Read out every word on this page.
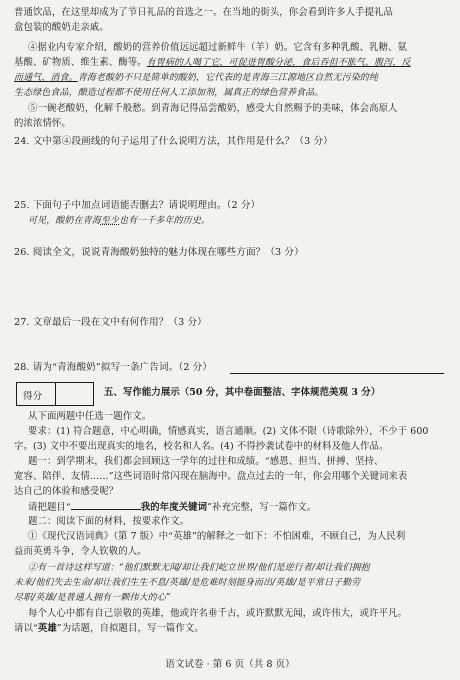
普通饮品，在这里却成为了节日礼品的首选之一。在当地的街头，你会看到许多人手提礼品

盒包装的酸奶走亲戚。

④据业内专家介绍，酸奶的营养价值远远超过新鲜牛（羊）奶。它含有多种乳酸、乳糖、氨

基酸、矿物质、维生素、酶等。有胃病的人喝了它，可促进胃酸分泌，食后吞但不胀气、腹泻，反

而通气、消食。青海老酸奶不只是简单的酸奶，它代表的是青海三江源地区自然无污染的纯

生态绿色食品，酿造过程都不使用任何人工添加剂，属真正的绿色营养食品。

⑤一碗老酸奶，化解千般愁。到青海记得品尝酸奶，感受大自然赐予的美味，体会高原人

的浓浓情怀。

24. 文中第④段画线的句子运用了什么说明方法，其作用是什么？（3 分）

25. 下面句子中加点词语能否删去？请说明理由。（2 分）

可见，酸奶在青海至少也有一千多年的历史。

26. 阅读全文，说说青海酸奶独特的魅力体现在哪些方面？（3 分）

27. 文章最后一段在文中有何作用？（3 分）

28. 请为“青海酸奶”拟写一条广告词。（2 分）

得分	五、写作能力展示（50 分，其中卷面整洁、字体规范美观 3 分）

从下面两题中任选一题作文。

要求：(1) 符合题意，中心明确，情感真实，语言通顺。(2) 文体不限（诗歌除外），不少于 600

字。(3) 文中不要出现真实的地名，校名和人名。(4) 不得抄袭试卷中的材料及他人作品。

题一：到学期末，我们都会回顾这一学年的过往和成绩。“感恩、担当、拼搏、坚持、

宽容、陪伴、友情……”这些词语时常闪现在脑海中。盘点过去的一年，你会用哪个关键词来表

达自己的体验和感受呢？

请把题目“	我的年度关键词”补充完整，写一篇作文。

题二：阅读下面的材料，按要求作文。

①《现代汉语词典》（第 7 版）中“英雄”的解释之一如下：不怕困难，不顾自己，为人民利

益而英勇斗争，令人钦敬的人。

②有一首诗这样写道：“他们默默无闻/却让我们屹立世界/他们是逆行者/却让我们拥抱

未来/他们失去生命/却让我们生生不息/英雄/是危难时刻挺身而出/英雄/是平常日子勤劳

尽职/英雄/是普通人拥有一颗伟大的心”

每个人心中都有自己崇敬的英雄，他或许名垂千古，或许默默无闻，或许伟大，或许平凡。

请以“英雄”为话题，自拟题目，写一篇作文。

语文试卷 · 第 6 页（共 8 页）
